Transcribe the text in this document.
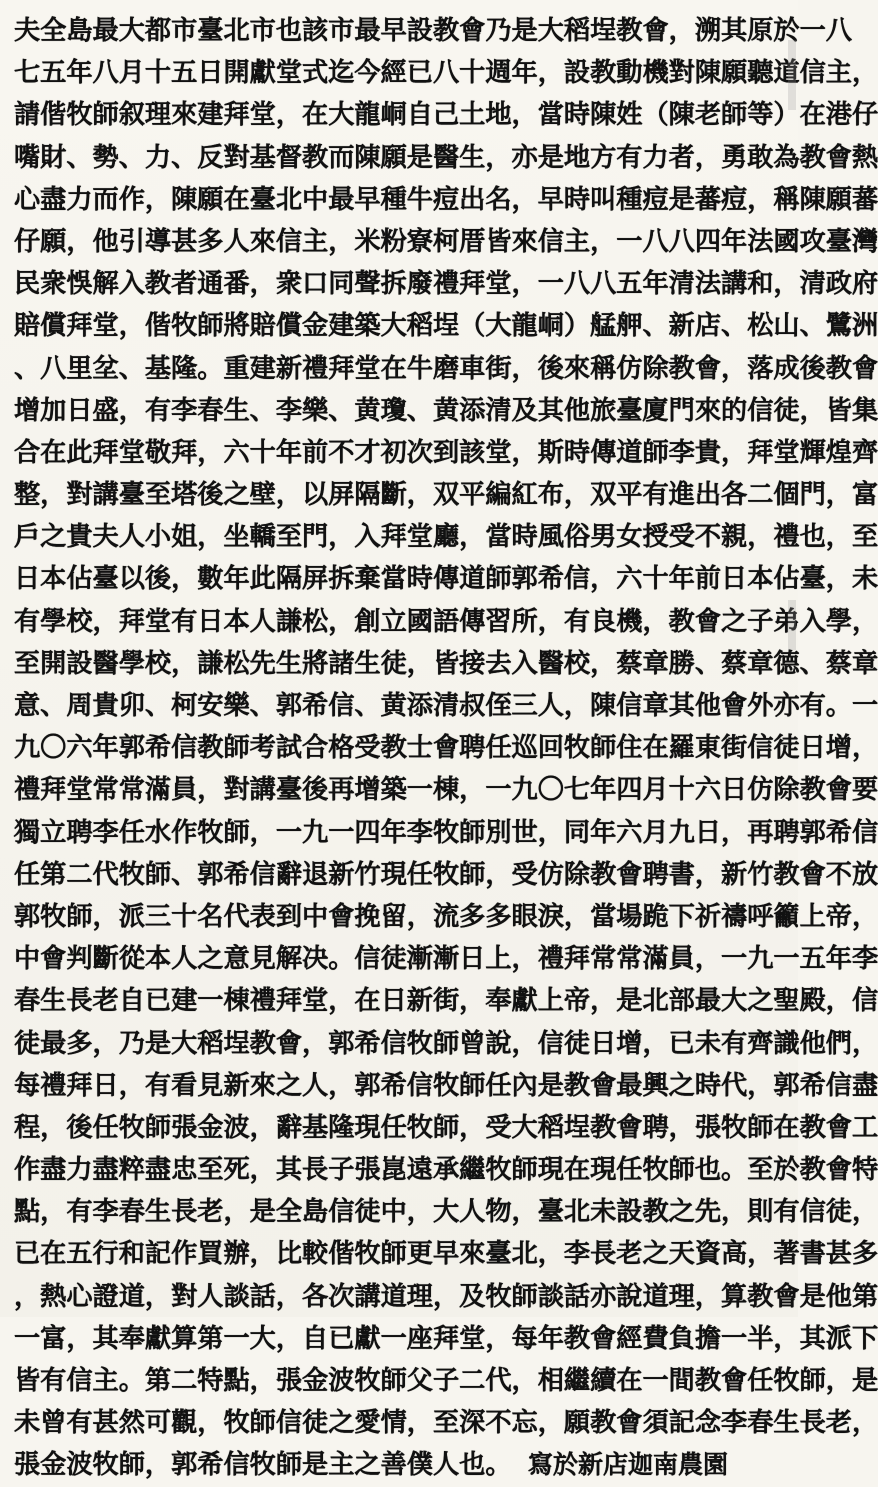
夫全島最大都市臺北市也該市最早設教會乃是大稻埕教會，溯其原於一八
七五年八月十五日開獻堂式迄今經已八十週年，設教動機對陳願聽道信主，
請偕牧師叙理來建拜堂，在大龍峒自己土地，當時陳姓（陳老師等）在港仔
嘴財、勢、力、反對基督教而陳願是醫生，亦是地方有力者，勇敢為教會熱
心盡力而作，陳願在臺北中最早種牛痘出名，早時叫種痘是蕃痘，稱陳願蕃
仔願，他引導甚多人來信主，米粉寮柯厝皆來信主，一八八四年法國攻臺灣
民衆悞解入教者通番，衆口同聲拆廢禮拜堂，一八八五年清法講和，清政府
賠償拜堂，偕牧師將賠償金建築大稻埕（大龍峒）艋舺、新店、松山、鷺洲
、八里坌、基隆。重建新禮拜堂在牛磨車街，後來稱仿除教會，落成後教會
增加日盛，有李春生、李樂、黄瓊、黄添清及其他旅臺廈門來的信徒，皆集
合在此拜堂敬拜，六十年前不才初次到該堂，斯時傳道師李貴，拜堂輝煌齊
整，對講臺至塔後之壁，以屏隔斷，双平編紅布，双平有進出各二個門，富
戶之貴夫人小姐，坐轎至門，入拜堂廳，當時風俗男女授受不親，禮也，至
日本佔臺以後，數年此隔屏拆棄當時傳道師郭希信，六十年前日本佔臺，未
有學校，拜堂有日本人謙松，創立國語傳習所，有良機，教會之子弟入學，
至開設醫學校，謙松先生將諸生徒，皆接去入醫校，蔡章勝、蔡章德、蔡章
意、周貴卯、柯安樂、郭希信、黄添清叔侄三人，陳信章其他會外亦有。一
九〇六年郭希信教師考試合格受教士會聘任巡回牧師住在羅東街信徒日增，
禮拜堂常常滿員，對講臺後再增築一棟，一九〇七年四月十六日仿除教會要
獨立聘李任水作牧師，一九一四年李牧師別世，同年六月九日，再聘郭希信
任第二代牧師、郭希信辭退新竹現任牧師，受仿除教會聘書，新竹教會不放
郭牧師，派三十名代表到中會挽留，流多多眼淚，當場跪下祈禱呼籲上帝，
中會判斷從本人之意見解决。信徒漸漸日上，禮拜常常滿員，一九一五年李
春生長老自已建一棟禮拜堂，在日新街，奉獻上帝，是北部最大之聖殿，信
徒最多，乃是大稻埕教會，郭希信牧師曾說，信徒日增，已未有齊識他們，
每禮拜日，有看見新來之人，郭希信牧師任內是教會最興之時代，郭希信盡
程，後任牧師張金波，辭基隆現任牧師，受大稻埕教會聘，張牧師在教會工
作盡力盡粹盡忠至死，其長子張崑遠承繼牧師現在現任牧師也。至於教會特
點，有李春生長老，是全島信徒中，大人物，臺北未設教之先，則有信徒，
已在五行和記作買辦，比較偕牧師更早來臺北，李長老之天資高，著書甚多
，熱心證道，對人談話，各次講道理，及牧師談話亦說道理，算教會是他第
一富，其奉獻算第一大，自已獻一座拜堂，每年教會經費負擔一半，其派下
皆有信主。第二特點，張金波牧師父子二代，相繼續在一間教會任牧師，是
未曾有甚然可觀，牧師信徒之愛情，至深不忘，願教會須記念李春生長老，
張金波牧師，郭希信牧師是主之善僕人也。 寫於新店迦南農園
